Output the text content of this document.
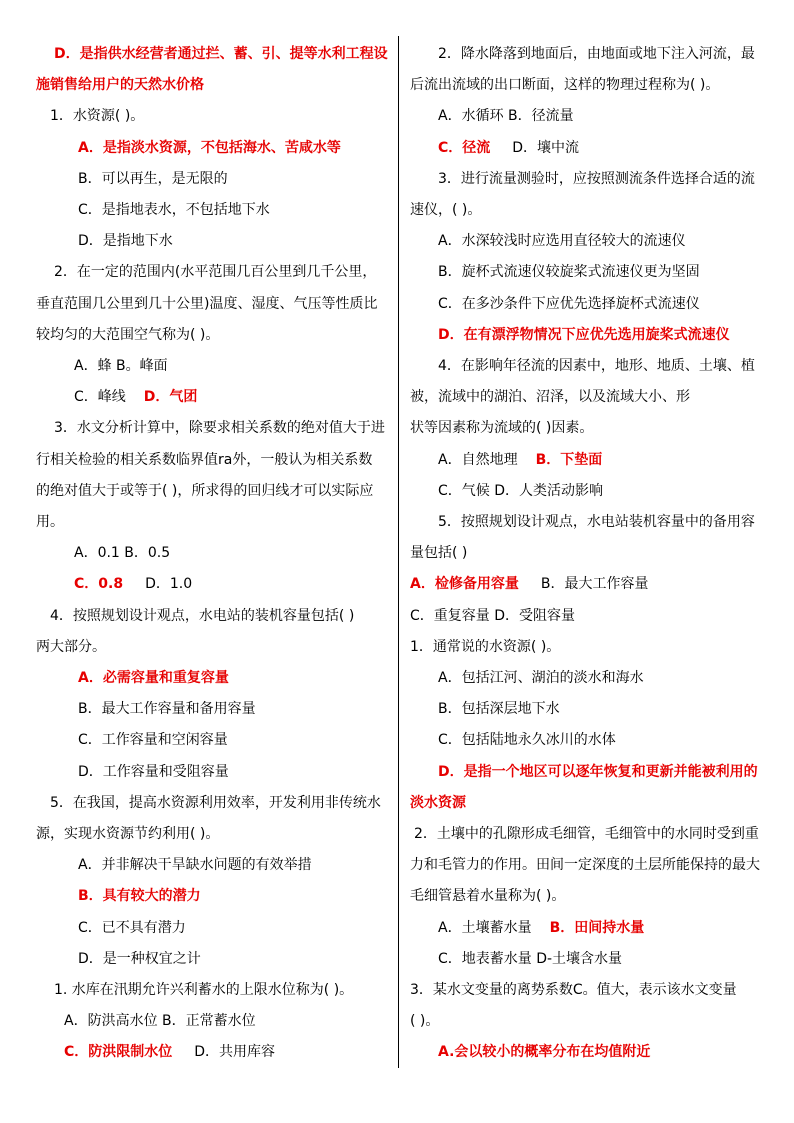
D．是指供水经营者通过拦、蓄、引、提等水利工程设
施销售给用户的天然水价格
1．水资源( )。
A．是指淡水资源，不包括海水、苦咸水等
B．可以再生，是无限的
C．是指地表水，不包括地下水
D．是指地下水
2．在一定的范围内(水平范围几百公里到几千公里，
垂直范围几公里到几十公里)温度、湿度、气压等性质比
较均匀的大范围空气称为( )。
A．蜂 B。峰面
C．峰线 D．气团
3．水文分析计算中，除要求相关系数的绝对值大于进
行相关检验的相关系数临界值ra外，一般认为相关系数
的绝对值大于或等于( )，所求得的回归线才可以实际应
用。
A．0.1 B．0.5
C．0.8 D．1.0
4．按照规划设计观点，水电站的装机容量包括( )
两大部分。
A．必需容量和重复容量
B．最大工作容量和备用容量
C．工作容量和空闲容量
D．工作容量和受阻容量
5．在我国，提高水资源利用效率，开发利用非传统水
源，实现水资源节约利用( )。
A．并非解决干旱缺水问题的有效举措
B．具有较大的潜力
C．已不具有潜力
D．是一种权宜之计
1. 水库在汛期允许兴利蓄水的上限水位称为( )。
A．防洪高水位 B．正常蓄水位
C．防洪限制水位 D．共用库容
2．降水降落到地面后，由地面或地下注入河流，最
后流出流域的出口断面，这样的物理过程称为( )。
A．水循环 B．径流量
C．径流 D．壤中流
3．进行流量测验时，应按照测流条件选择合适的流
速仪，( )。
A．水深较浅时应选用直径较大的流速仪
B．旋杯式流速仪较旋桨式流速仪更为坚固
C．在多沙条件下应优先选择旋杯式流速仪
D．在有漂浮物情况下应优先选用旋桨式流速仪
4．在影响年径流的因素中，地形、地质、土壤、植
被，流域中的湖泊、沼泽，以及流域大小、形
状等因素称为流域的( )因素。
A．自然地理 B．下垫面
C．气候 D．人类活动影响
5．按照规划设计观点，水电站装机容量中的备用容
量包括( )
A．检修备用容量 B．最大工作容量
C．重复容量 D．受阻容量
1．通常说的水资源( )。
A．包括江河、湖泊的淡水和海水
B．包括深层地下水
C．包括陆地永久冰川的水体
D．是指一个地区可以逐年恢复和更新并能被利用的
淡水资源
2．土壤中的孔隙形成毛细管，毛细管中的水同时受到重
力和毛管力的作用。田间一定深度的土层所能保持的最大
毛细管悬着水量称为( )。
A．土壤蓄水量 B．田间持水量
C．地表蓄水量 D-土壤含水量
3．某水文变量的离势系数C。值大，表示该水文变量
( )。
A.会以较小的概率分布在均值附近
